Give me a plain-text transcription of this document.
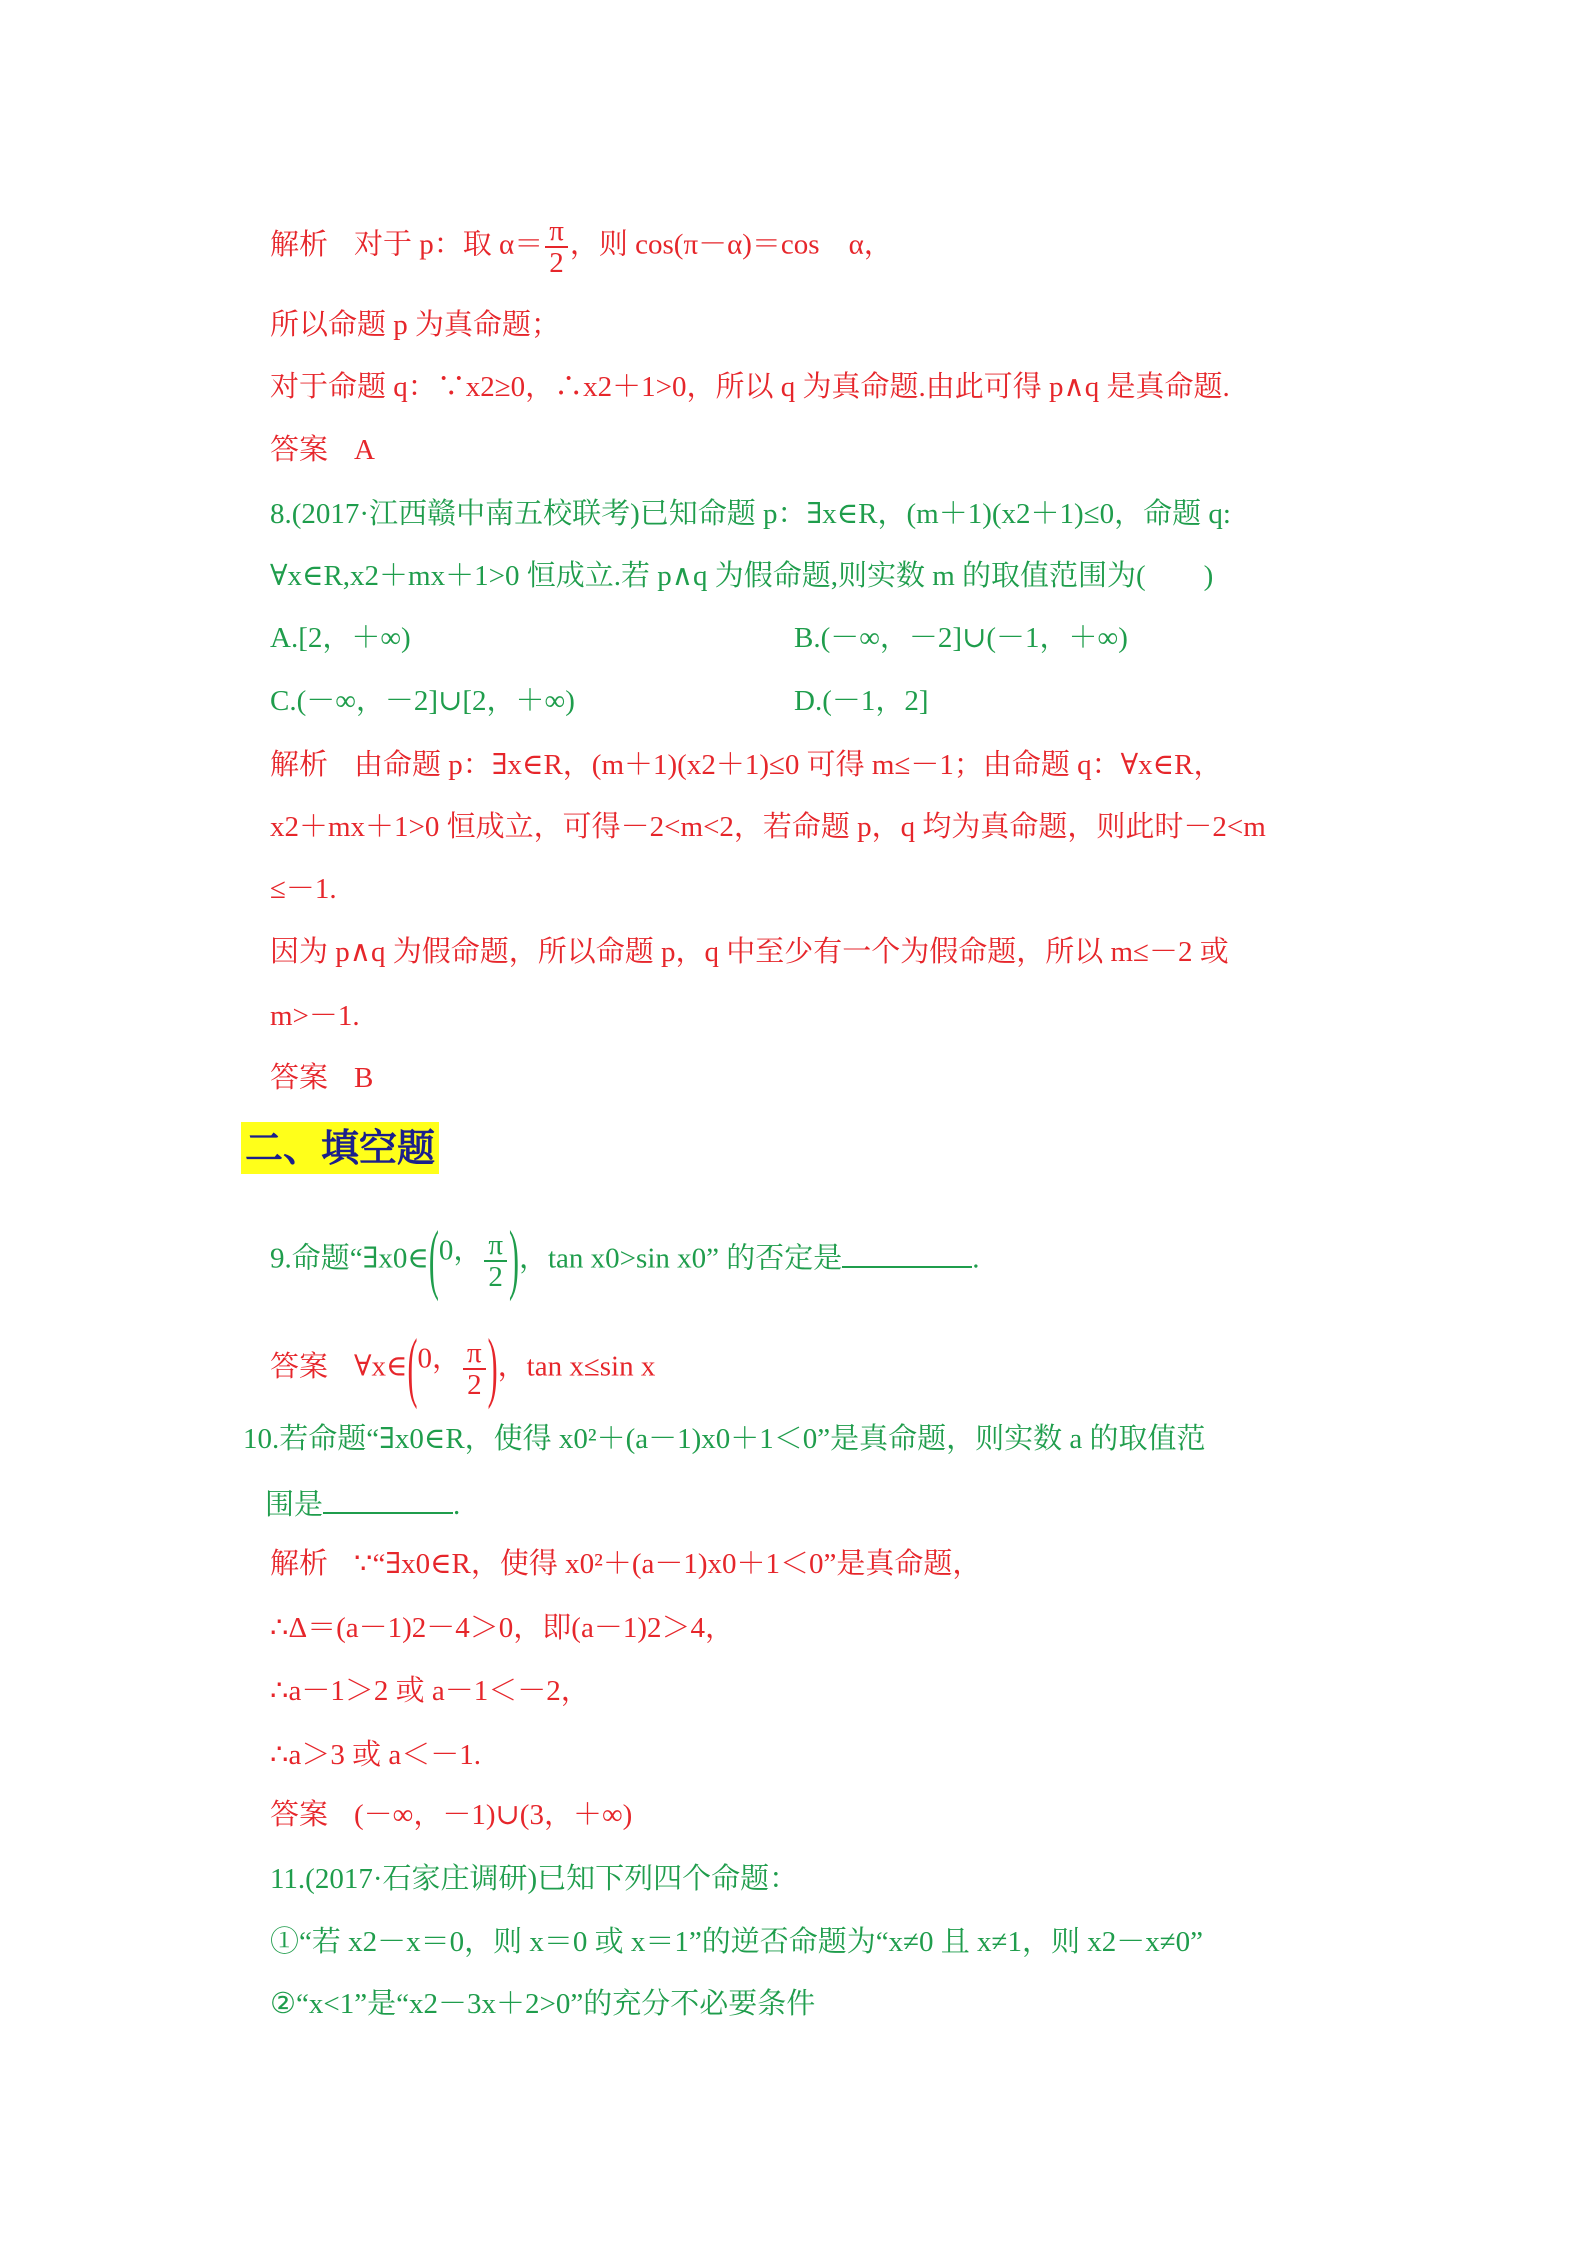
解析 对于 p：取 $\alpha= \frac{\pi}{2}$ ，则 cos(π－α)＝cos　α，
所以命题 p 为真命题；
对于命题 q：∵x2≥0，∴x2＋1>0，所以 q 为真命题.由此可得 p∧q 是真命题.
答案 A
8.(2017·江西赣中南五校联考)已知命题 p：∃x∈R，(m＋1)(x2＋1)≤0，命题 q:
∀x∈R,x2＋mx＋1>0 恒成立.若 p∧q 为假命题,则实数 m 的取值范围为(　　)
A.[2，＋∞)	B.(－∞，－2]∪(－1，＋∞)
C.(－∞，－2]∪[2，＋∞)	D.(－1，2]
解析 由命题 p：∃x∈R，(m＋1)(x2＋1)≤0 可得 m≤－1；由命题 q：∀x∈R，
x2＋mx＋1>0 恒成立，可得－2<m<2，若命题 p，q 均为真命题，则此时－2<m
≤－1.
因为 p∧q 为假命题，所以命题 p，q 中至少有一个为假命题，所以 m≤－2 或
m>－1.
答案 B
二、填空题
9.命题“∃x0∈(0， $\frac{\pi}{2}$ )，tan x0>sin x0” 的否定是	.
答案 ∀x∈(0， $\frac{\pi}{2}$ )，tan x≤sin x
10.若命题“∃x0∈R，使得 x0²＋(a－1)x0＋1＜0”是真命题，则实数 a 的取值范
围是	.
解析 ∵“∃x0∈R，使得 x0²＋(a－1)x0＋1＜0”是真命题，
∴Δ＝(a－1)2－4＞0，即(a－1)2＞4，
∴a－1＞2 或 a－1＜－2，
∴a＞3 或 a＜－1.
答案 (－∞，－1)∪(3，＋∞)
11.(2017·石家庄调研)已知下列四个命题：
①“若 x2－x＝0，则 x＝0 或 x＝1”的逆否命题为“x≠0 且 x≠1，则 x2－x≠0”
②“x<1”是“x2－3x＋2>0”的充分不必要条件
